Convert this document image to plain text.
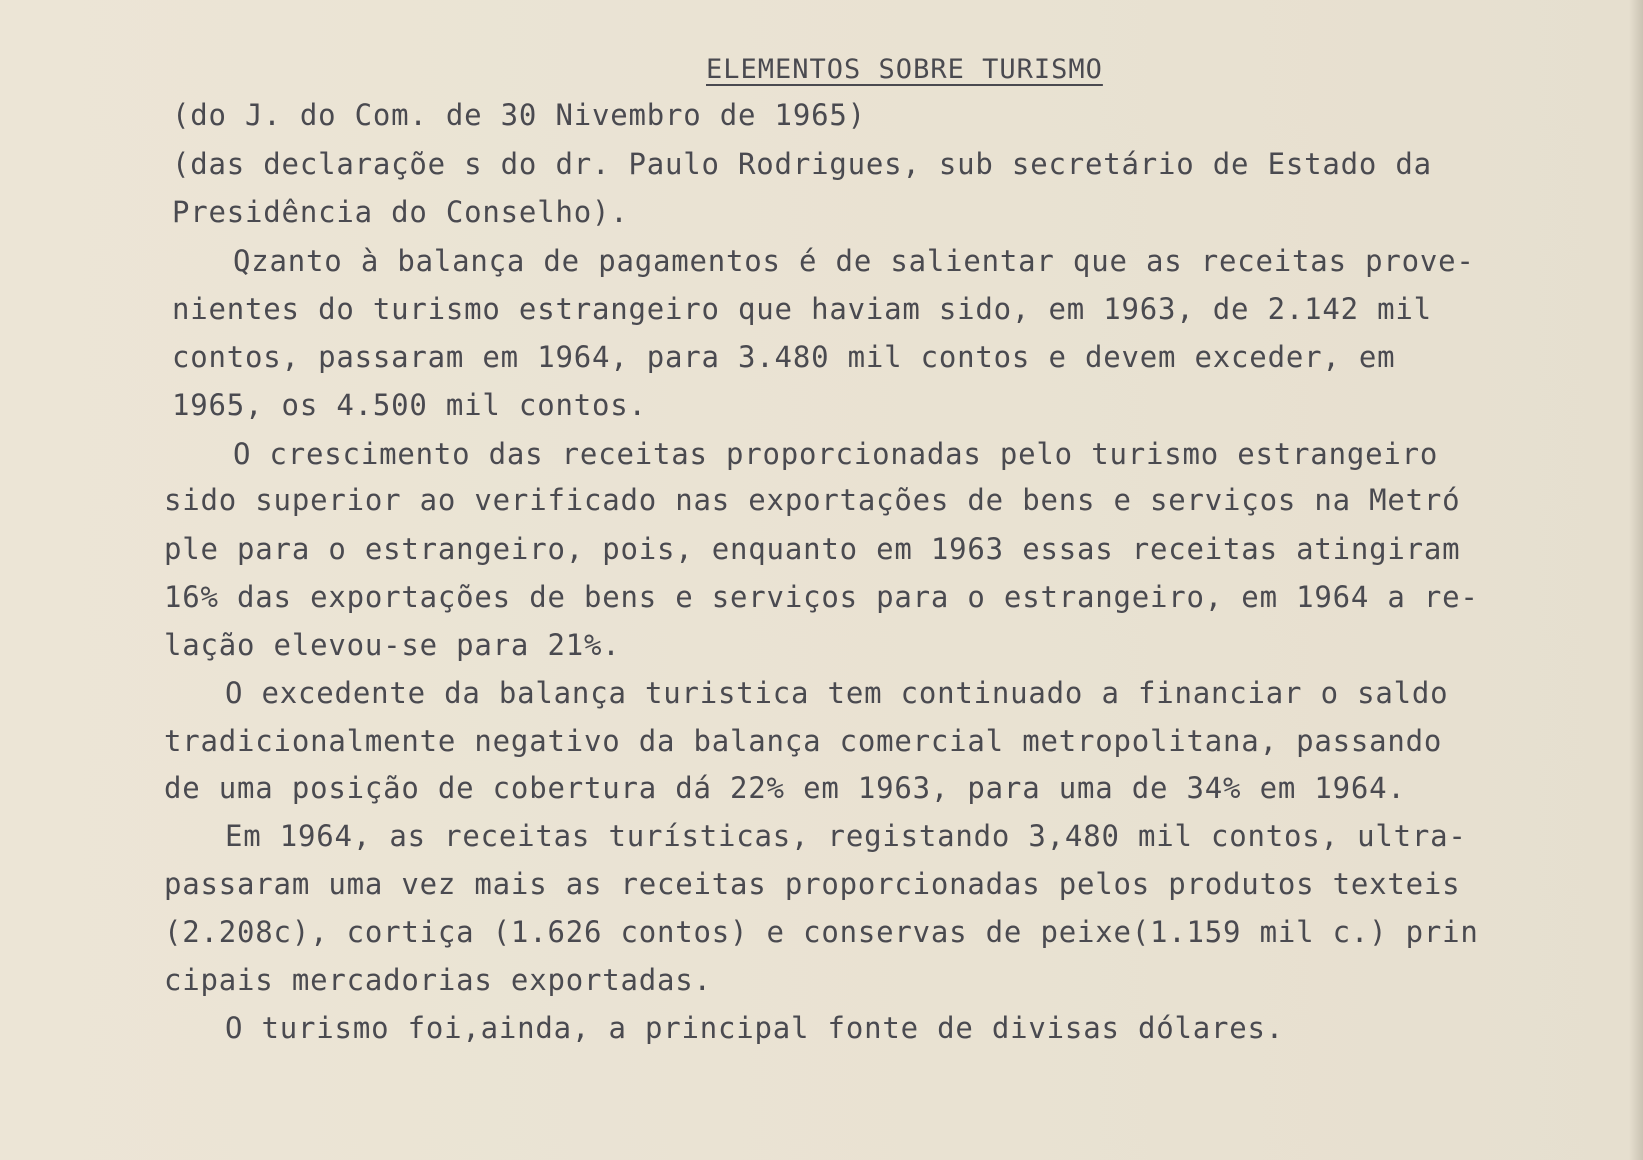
ELEMENTOS SOBRE TURISMO
(do J. do Com. de 30 Nivembro de 1965)
(das declaraçõe s do dr. Paulo Rodrigues, sub secretário de Estado da
Presidência do Conselho).
Qzanto à balança de pagamentos é de salientar que as receitas prove-
nientes do turismo estrangeiro que haviam sido, em 1963, de 2.142 mil
contos, passaram em 1964, para 3.480 mil contos e devem exceder, em
1965, os 4.500 mil contos.
O crescimento das receitas proporcionadas pelo turismo estrangeiro
sido superior ao verificado nas exportações de bens e serviços na Metró
ple para o estrangeiro, pois, enquanto em 1963 essas receitas atingiram
16% das exportações de bens e serviços para o estrangeiro, em 1964 a re-
lação elevou-se para 21%.
O excedente da balança turistica tem continuado a financiar o saldo
tradicionalmente negativo da balança comercial metropolitana, passando
de uma posição de cobertura dá 22% em 1963, para uma de 34% em 1964.
Em 1964, as receitas turísticas, registando 3,480 mil contos, ultra-
passaram uma vez mais as receitas proporcionadas pelos produtos texteis
(2.208c), cortiça (1.626 contos) e conservas de peixe(1.159 mil c.) prin
cipais mercadorias exportadas.
O turismo foi,ainda, a principal fonte de divisas dólares.
